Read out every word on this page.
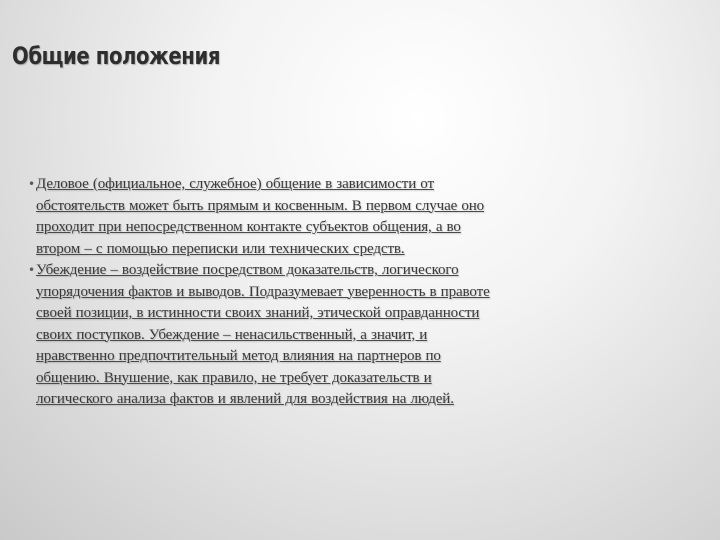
Общие положения
• Деловое (официальное, служебное) общение в зависимости от
обстоятельств может быть прямым и косвенным. В первом случае оно
проходит при непосредственном контакте субъектов общения, а во
втором – с помощью переписки или технических средств.
• Убеждение – воздействие посредством доказательств, логического
упорядочения фактов и выводов. Подразумевает уверенность в правоте
своей позиции, в истинности своих знаний, этической оправданности
своих поступков. Убеждение – ненасильственный, а значит, и
нравственно предпочтительный метод влияния на партнеров по
общению. Внушение, как правило, не требует доказательств и
логического анализа фактов и явлений для воздействия на людей.
